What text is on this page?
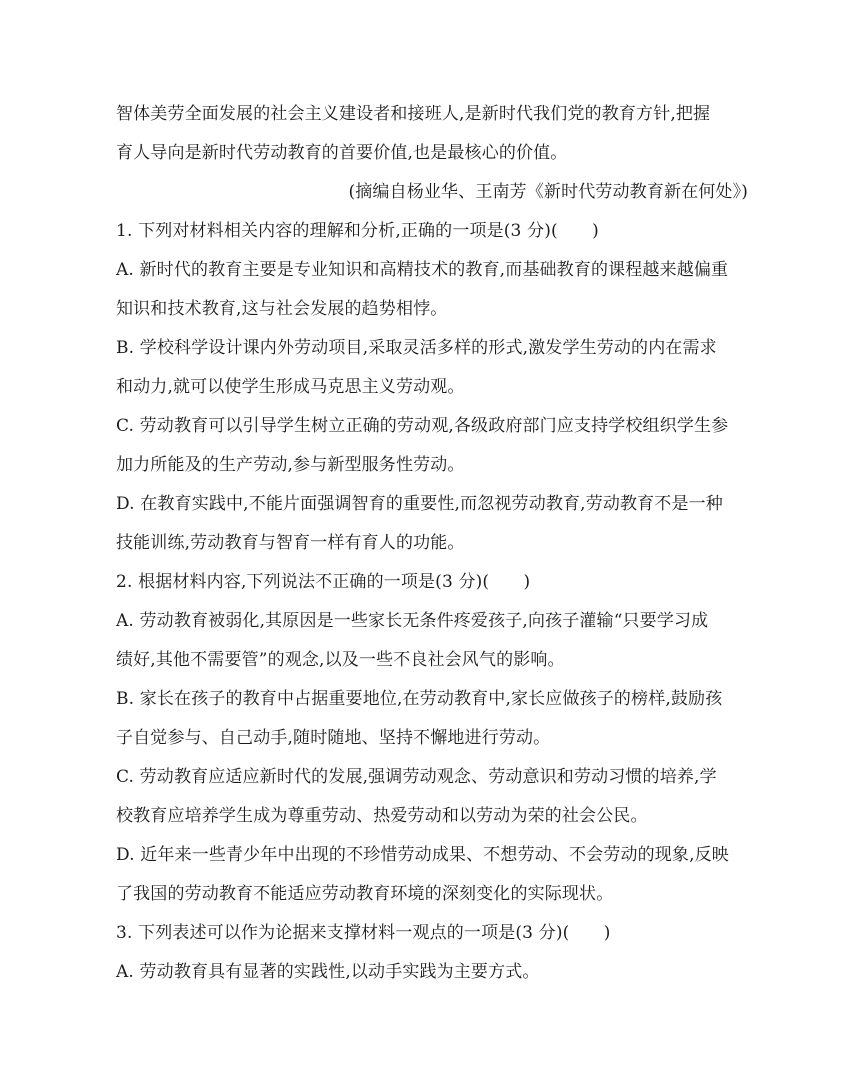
智体美劳全面发展的社会主义建设者和接班人,是新时代我们党的教育方针,把握
育人导向是新时代劳动教育的首要价值,也是最核心的价值。
(摘编自杨业华、王南芳《新时代劳动教育新在何处》)
1. 下列对材料相关内容的理解和分析,正确的一项是(3 分)(　　)
A. 新时代的教育主要是专业知识和高精技术的教育,而基础教育的课程越来越偏重
知识和技术教育,这与社会发展的趋势相悖。
B. 学校科学设计课内外劳动项目,采取灵活多样的形式,激发学生劳动的内在需求
和动力,就可以使学生形成马克思主义劳动观。
C. 劳动教育可以引导学生树立正确的劳动观,各级政府部门应支持学校组织学生参
加力所能及的生产劳动,参与新型服务性劳动。
D. 在教育实践中,不能片面强调智育的重要性,而忽视劳动教育,劳动教育不是一种
技能训练,劳动教育与智育一样有育人的功能。
2. 根据材料内容,下列说法不正确的一项是(3 分)(　　)
A. 劳动教育被弱化,其原因是一些家长无条件疼爱孩子,向孩子灌输“只要学习成
绩好,其他不需要管”的观念,以及一些不良社会风气的影响。
B. 家长在孩子的教育中占据重要地位,在劳动教育中,家长应做孩子的榜样,鼓励孩
子自觉参与、自己动手,随时随地、坚持不懈地进行劳动。
C. 劳动教育应适应新时代的发展,强调劳动观念、劳动意识和劳动习惯的培养,学
校教育应培养学生成为尊重劳动、热爱劳动和以劳动为荣的社会公民。
D. 近年来一些青少年中出现的不珍惜劳动成果、不想劳动、不会劳动的现象,反映
了我国的劳动教育不能适应劳动教育环境的深刻变化的实际现状。
3. 下列表述可以作为论据来支撑材料一观点的一项是(3 分)(　　)
A. 劳动教育具有显著的实践性,以动手实践为主要方式。
